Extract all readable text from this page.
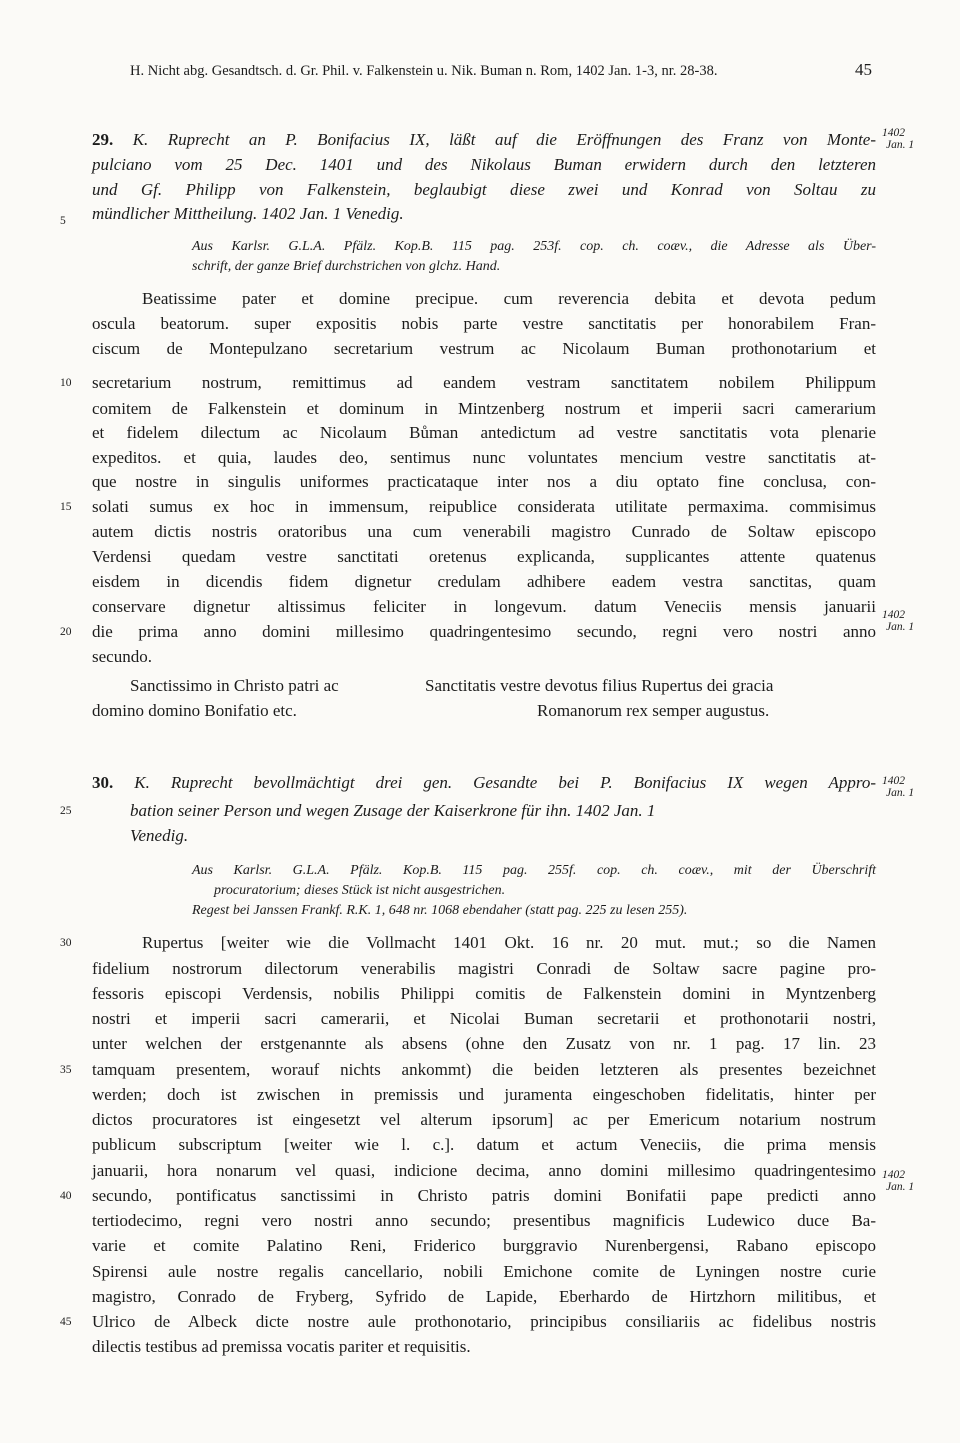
H. Nicht abg. Gesandtsch. d. Gr. Phil. v. Falkenstein u. Nik. Buman n. Rom, 1402 Jan. 1-3, nr. 28-38.	45
5
10
15
20
25
30
35
40
45
1402
Jan. 1
1402
Jan. 1
1402
Jan. 1
1402
Jan. 1
29. K. Ruprecht an P. Bonifacius IX, läßt auf die Eröffnungen des Franz von Monte-
pulciano vom 25 Dec. 1401 und des Nikolaus Buman erwidern durch den letzteren
und Gf. Philipp von Falkenstein, beglaubigt diese zwei und Konrad von Soltau zu
mündlicher Mittheilung. 1402 Jan. 1 Venedig.
Aus Karlsr. G.L.A. Pfälz. Kop.B. 115 pag. 253f. cop. ch. coæv., die Adresse als Über-
schrift, der ganze Brief durchstrichen von glchz. Hand.
Beatissime pater et domine precipue. cum reverencia debita et devota pedum
oscula beatorum. super expositis nobis parte vestre sanctitatis per honorabilem Fran-
ciscum de Montepulzano secretarium vestrum ac Nicolaum Buman prothonotarium et
secretarium nostrum, remittimus ad eandem vestram sanctitatem nobilem Philippum
comitem de Falkenstein et dominum in Mintzenberg nostrum et imperii sacri camerarium
et fidelem dilectum ac Nicolaum Bůman antedictum ad vestre sanctitatis vota plenarie
expeditos. et quia, laudes deo, sentimus nunc voluntates mencium vestre sanctitatis at-
que nostre in singulis uniformes practicataque inter nos a diu optato fine conclusa, con-
solati sumus ex hoc in immensum, reipublice considerata utilitate permaxima. commisimus
autem dictis nostris oratoribus una cum venerabili magistro Cunrado de Soltaw episcopo
Verdensi quedam vestre sanctitati oretenus explicanda, supplicantes attente quatenus
eisdem in dicendis fidem dignetur credulam adhibere eadem vestra sanctitas, quam
conservare dignetur altissimus feliciter in longevum. datum Veneciis mensis januarii
die prima anno domini millesimo quadringentesimo secundo, regni vero nostri anno
secundo.
Sanctissimo in Christo patri ac
domino domino Bonifatio etc.
Sanctitatis vestre devotus filius Rupertus dei gracia
Romanorum rex semper augustus.
30. K. Ruprecht bevollmächtigt drei gen. Gesandte bei P. Bonifacius IX wegen Appro-
bation seiner Person und wegen Zusage der Kaiserkrone für ihn. 1402 Jan. 1
Venedig.
Aus Karlsr. G.L.A. Pfälz. Kop.B. 115 pag. 255f. cop. ch. coæv., mit der Überschrift
procuratorium; dieses Stück ist nicht ausgestrichen.
Regest bei Janssen Frankf. R.K. 1, 648 nr. 1068 ebendaher (statt pag. 225 zu lesen 255).
Rupertus [weiter wie die Vollmacht 1401 Okt. 16 nr. 20 mut. mut.; so die Namen
fidelium nostrorum dilectorum venerabilis magistri Conradi de Soltaw sacre pagine pro-
fessoris episcopi Verdensis, nobilis Philippi comitis de Falkenstein domini in Myntzenberg
nostri et imperii sacri camerarii, et Nicolai Buman secretarii et prothonotarii nostri,
unter welchen der erstgenannte als absens (ohne den Zusatz von nr. 1 pag. 17 lin. 23
tamquam presentem, worauf nichts ankommt) die beiden letzteren als presentes bezeichnet
werden; doch ist zwischen in premissis und juramenta eingeschoben fidelitatis, hinter per
dictos procuratores ist eingesetzt vel alterum ipsorum] ac per Emericum notarium nostrum
publicum subscriptum [weiter wie l. c.]. datum et actum Veneciis, die prima mensis
januarii, hora nonarum vel quasi, indicione decima, anno domini millesimo quadringentesimo
secundo, pontificatus sanctissimi in Christo patris domini Bonifatii pape predicti anno
tertiodecimo, regni vero nostri anno secundo; presentibus magnificis Ludewico duce Ba-
varie et comite Palatino Reni, Friderico burggravio Nurenbergensi, Rabano episcopo
Spirensi aule nostre regalis cancellario, nobili Emichone comite de Lyningen nostre curie
magistro, Conrado de Fryberg, Syfrido de Lapide, Eberhardo de Hirtzhorn militibus, et
Ulrico de Albeck dicte nostre aule prothonotario, principibus consiliariis ac fidelibus nostris
dilectis testibus ad premissa vocatis pariter et requisitis.
